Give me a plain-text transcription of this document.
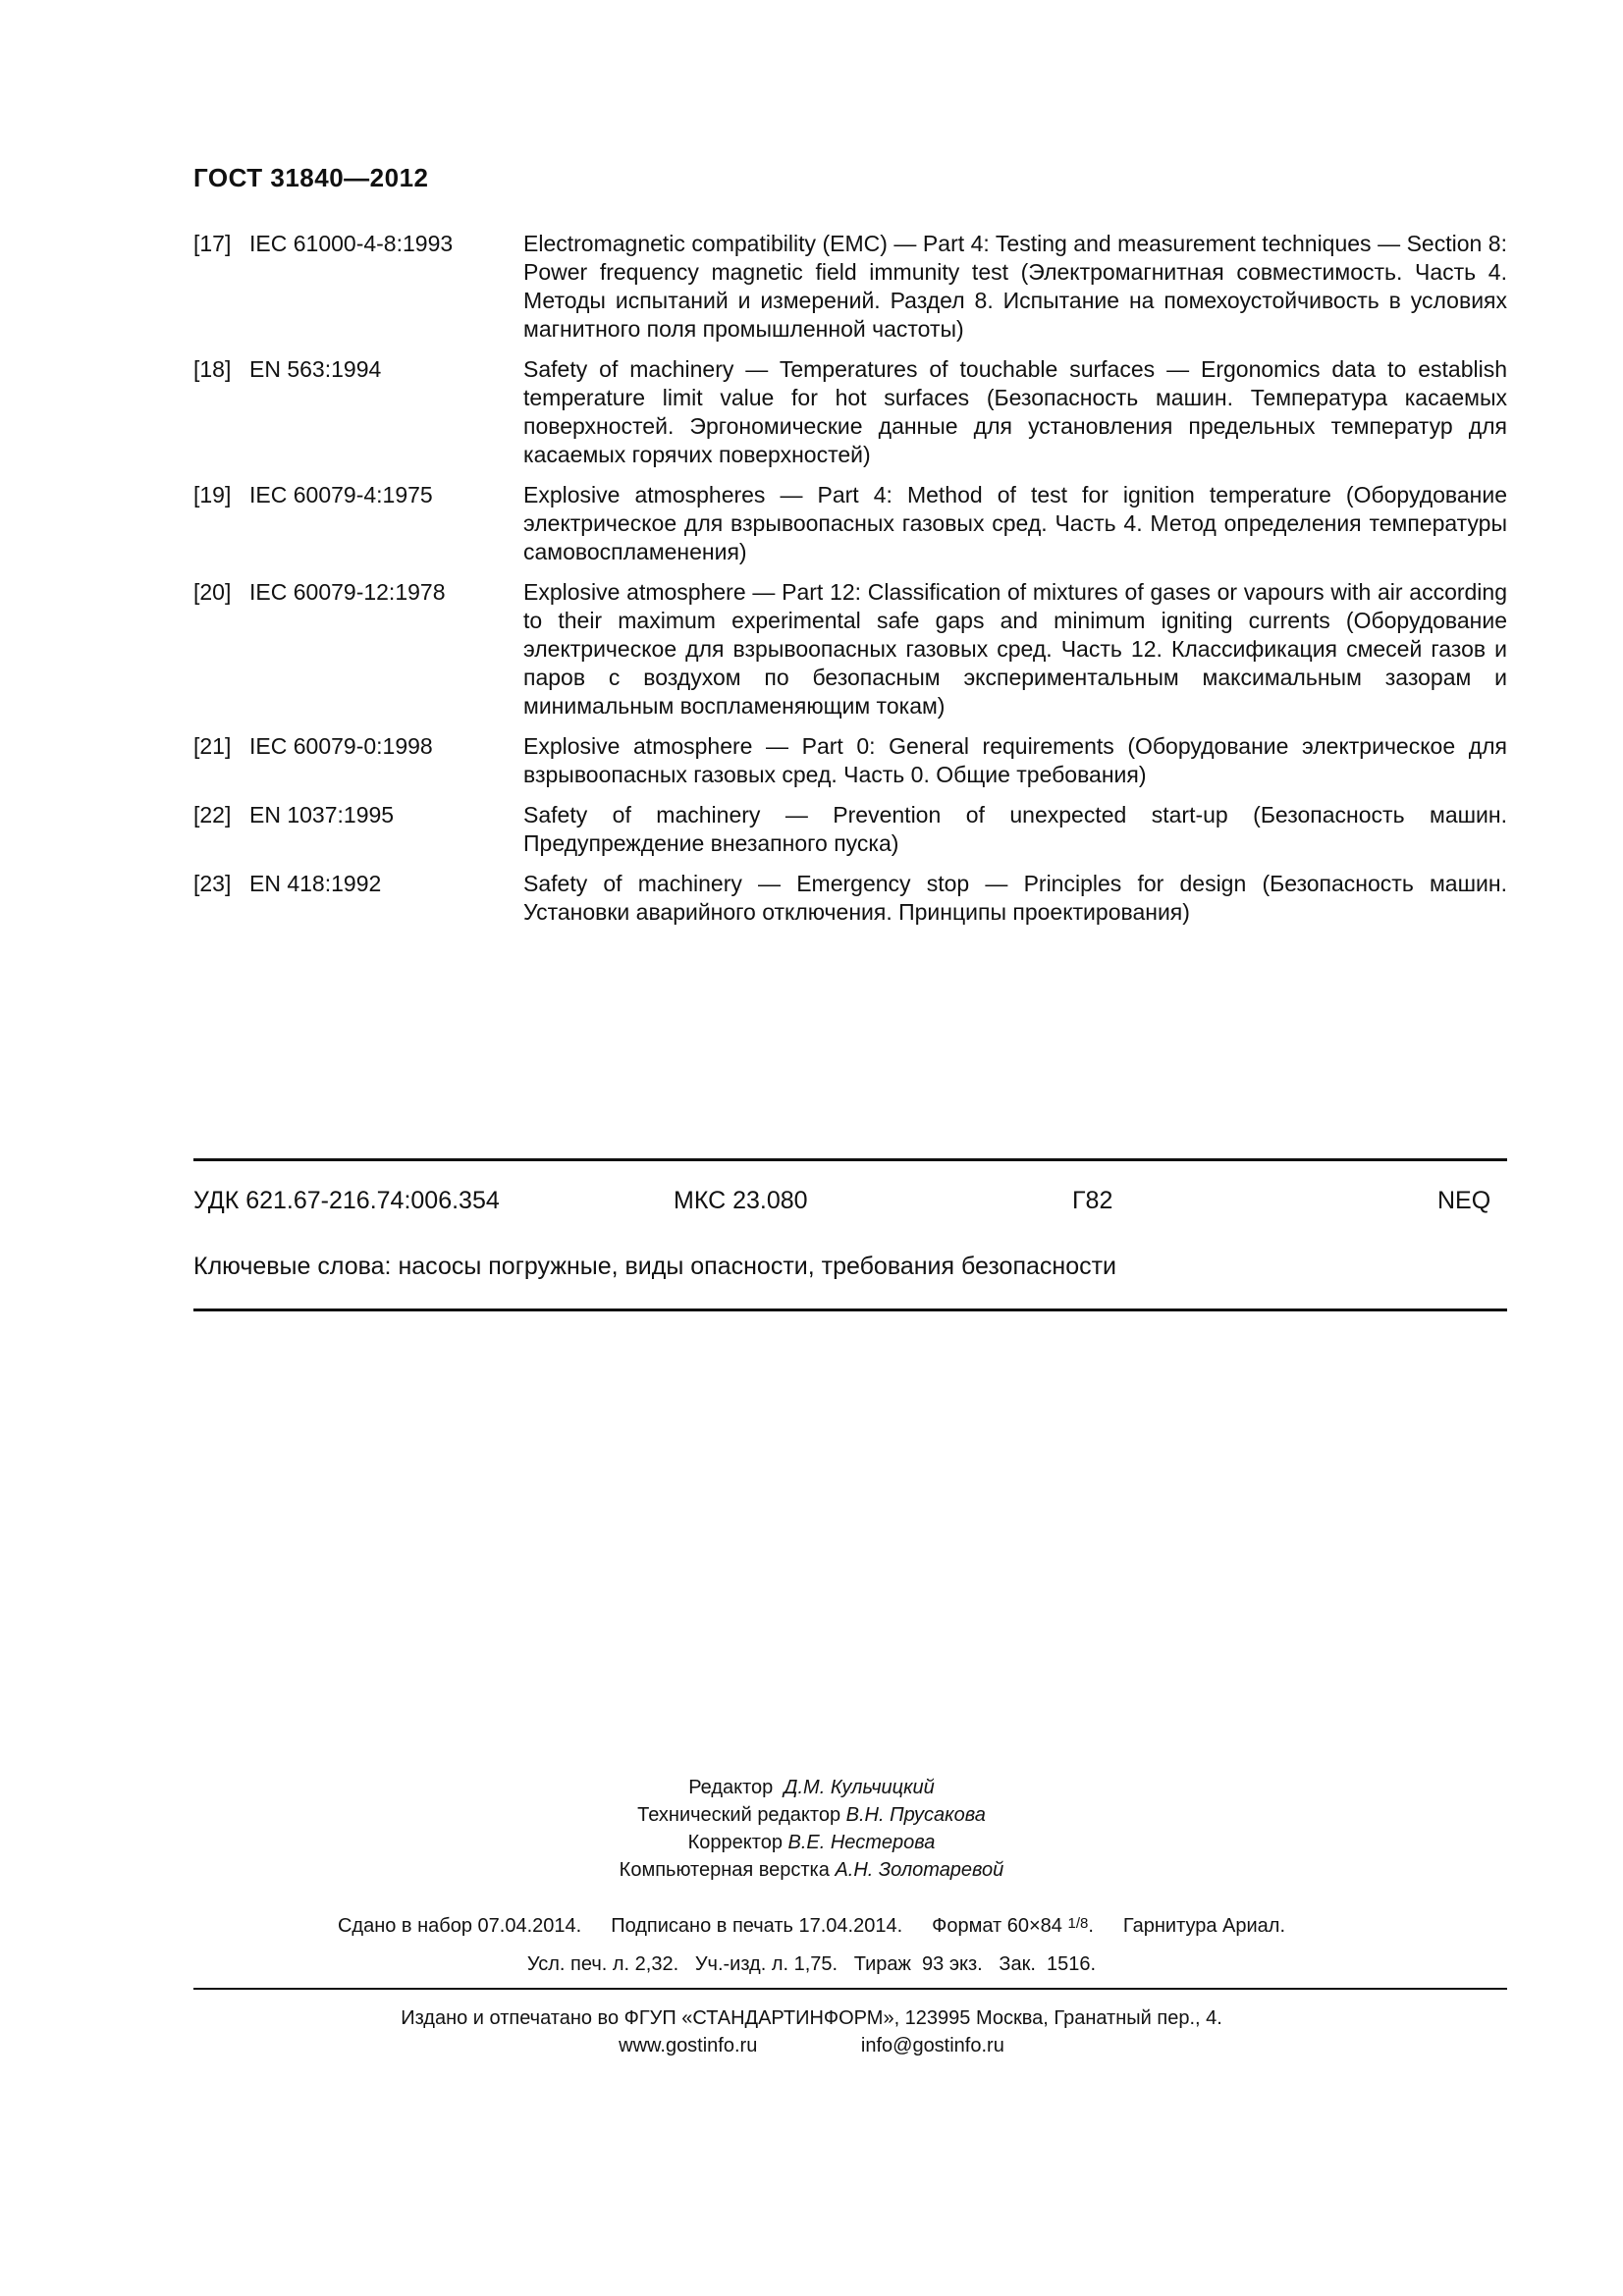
ГОСТ 31840—2012
[17] IEC 61000-4-8:1993	Electromagnetic compatibility (EMC) — Part 4: Testing and measurement techniques — Section 8: Power frequency magnetic field immunity test (Электромагнитная совместимость. Часть 4. Методы испытаний и измерений. Раздел 8. Испытание на помехоустойчивость в условиях магнитного поля промышленной частоты)
[18] EN 563:1994	Safety of machinery — Temperatures of touchable surfaces — Ergonomics data to establish temperature limit value for hot surfaces (Безопасность машин. Температура касаемых поверхностей. Эргономические данные для установления предельных температур для касаемых горячих поверхностей)
[19] IEC 60079-4:1975	Explosive atmospheres — Part 4: Method of test for ignition temperature (Оборудование электрическое для взрывоопасных газовых сред. Часть 4. Метод определения температуры самовоспламенения)
[20] IEC 60079-12:1978	Explosive atmosphere — Part 12: Classification of mixtures of gases or vapours with air according to their maximum experimental safe gaps and minimum igniting currents (Оборудование электрическое для взрывоопасных газовых сред. Часть 12. Классификация смесей газов и паров с воздухом по безопасным экспериментальным максимальным зазорам и минимальным воспламеняющим токам)
[21] IEC 60079-0:1998	Explosive atmosphere — Part 0: General requirements (Оборудование электрическое для взрывоопасных газовых сред. Часть 0. Общие требования)
[22] EN 1037:1995	Safety of machinery — Prevention of unexpected start-up (Безопасность машин. Предупреждение внезапного пуска)
[23] EN 418:1992	Safety of machinery — Emergency stop — Principles for design (Безопасность машин. Установки аварийного отключения. Принципы проектирования)
УДК 621.67-216.74:006.354	МКС 23.080	Г82	NEQ
Ключевые слова: насосы погружные, виды опасности, требования безопасности
Редактор Д.М. Кульчицкий
Технический редактор В.Н. Прусакова
Корректор В.Е. Нестерова
Компьютерная верстка А.Н. Золотаревой
Сдано в набор 07.04.2014. Подписано в печать 17.04.2014. Формат 60×84 $^{1/8}$. Гарнитура Ариал.
Усл. печ. л. 2,32. Уч.-изд. л. 1,75. Тираж  93 экз. Зак.  1516.
Издано и отпечатано во ФГУП «СТАНДАРТИНФОРМ», 123995 Москва, Гранатный пер., 4.
www.gostinfo.ru	info@gostinfo.ru
